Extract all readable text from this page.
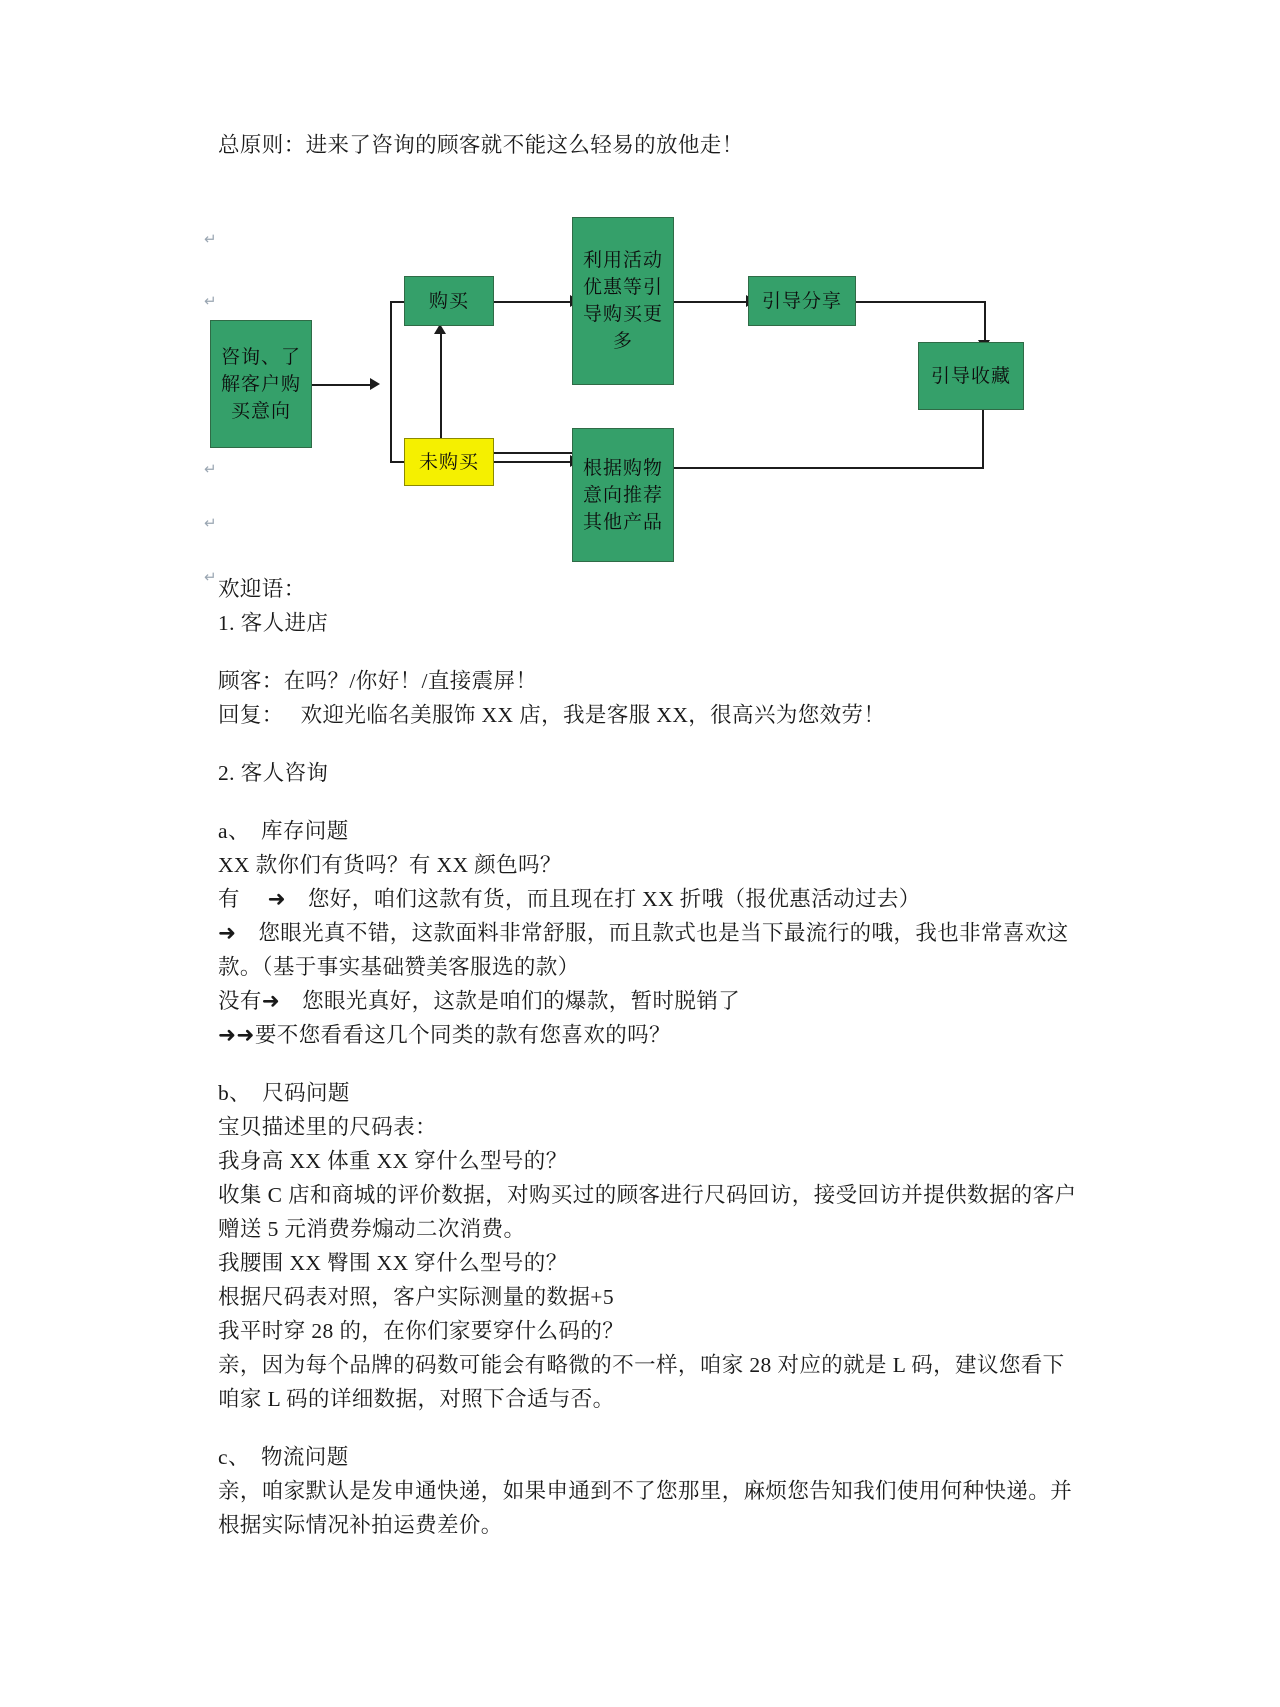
总原则：进来了咨询的顾客就不能这么轻易的放他走！
↵
↵
↵
↵
↵
咨询、了解客户购买意向
购买
未购买
利用活动优惠等引导购买更多
引导分享
引导收藏
根据购物意向推荐其他产品
欢迎语：
1. 客人进店
顾客：在吗？/你好！/直接震屏！
回复：　 欢迎光临名美服饰 XX 店，我是客服 XX，很高兴为您效劳！
2. 客人咨询
a、　库存问题
XX 款你们有货吗？有 XX 颜色吗？
有　 ➜　您好，咱们这款有货，而且现在打 XX 折哦（报优惠活动过去）
➜　您眼光真不错，这款面料非常舒服，而且款式也是当下最流行的哦，我也非常喜欢这款。（基于事实基础赞美客服选的款）
没有➜　您眼光真好，这款是咱们的爆款，暂时脱销了
➜➜要不您看看这几个同类的款有您喜欢的吗？
b、　尺码问题
宝贝描述里的尺码表：
我身高 XX 体重 XX 穿什么型号的？
收集 C 店和商城的评价数据，对购买过的顾客进行尺码回访，接受回访并提供数据的客户赠送 5 元消费券煽动二次消费。
我腰围 XX 臀围 XX 穿什么型号的？
根据尺码表对照，客户实际测量的数据+5
我平时穿 28 的，在你们家要穿什么码的？
亲，因为每个品牌的码数可能会有略微的不一样，咱家 28 对应的就是 L 码，建议您看下咱家 L 码的详细数据，对照下合适与否。
c、　物流问题
亲，咱家默认是发申通快递，如果申通到不了您那里，麻烦您告知我们使用何种快递。并根据实际情况补拍运费差价。
